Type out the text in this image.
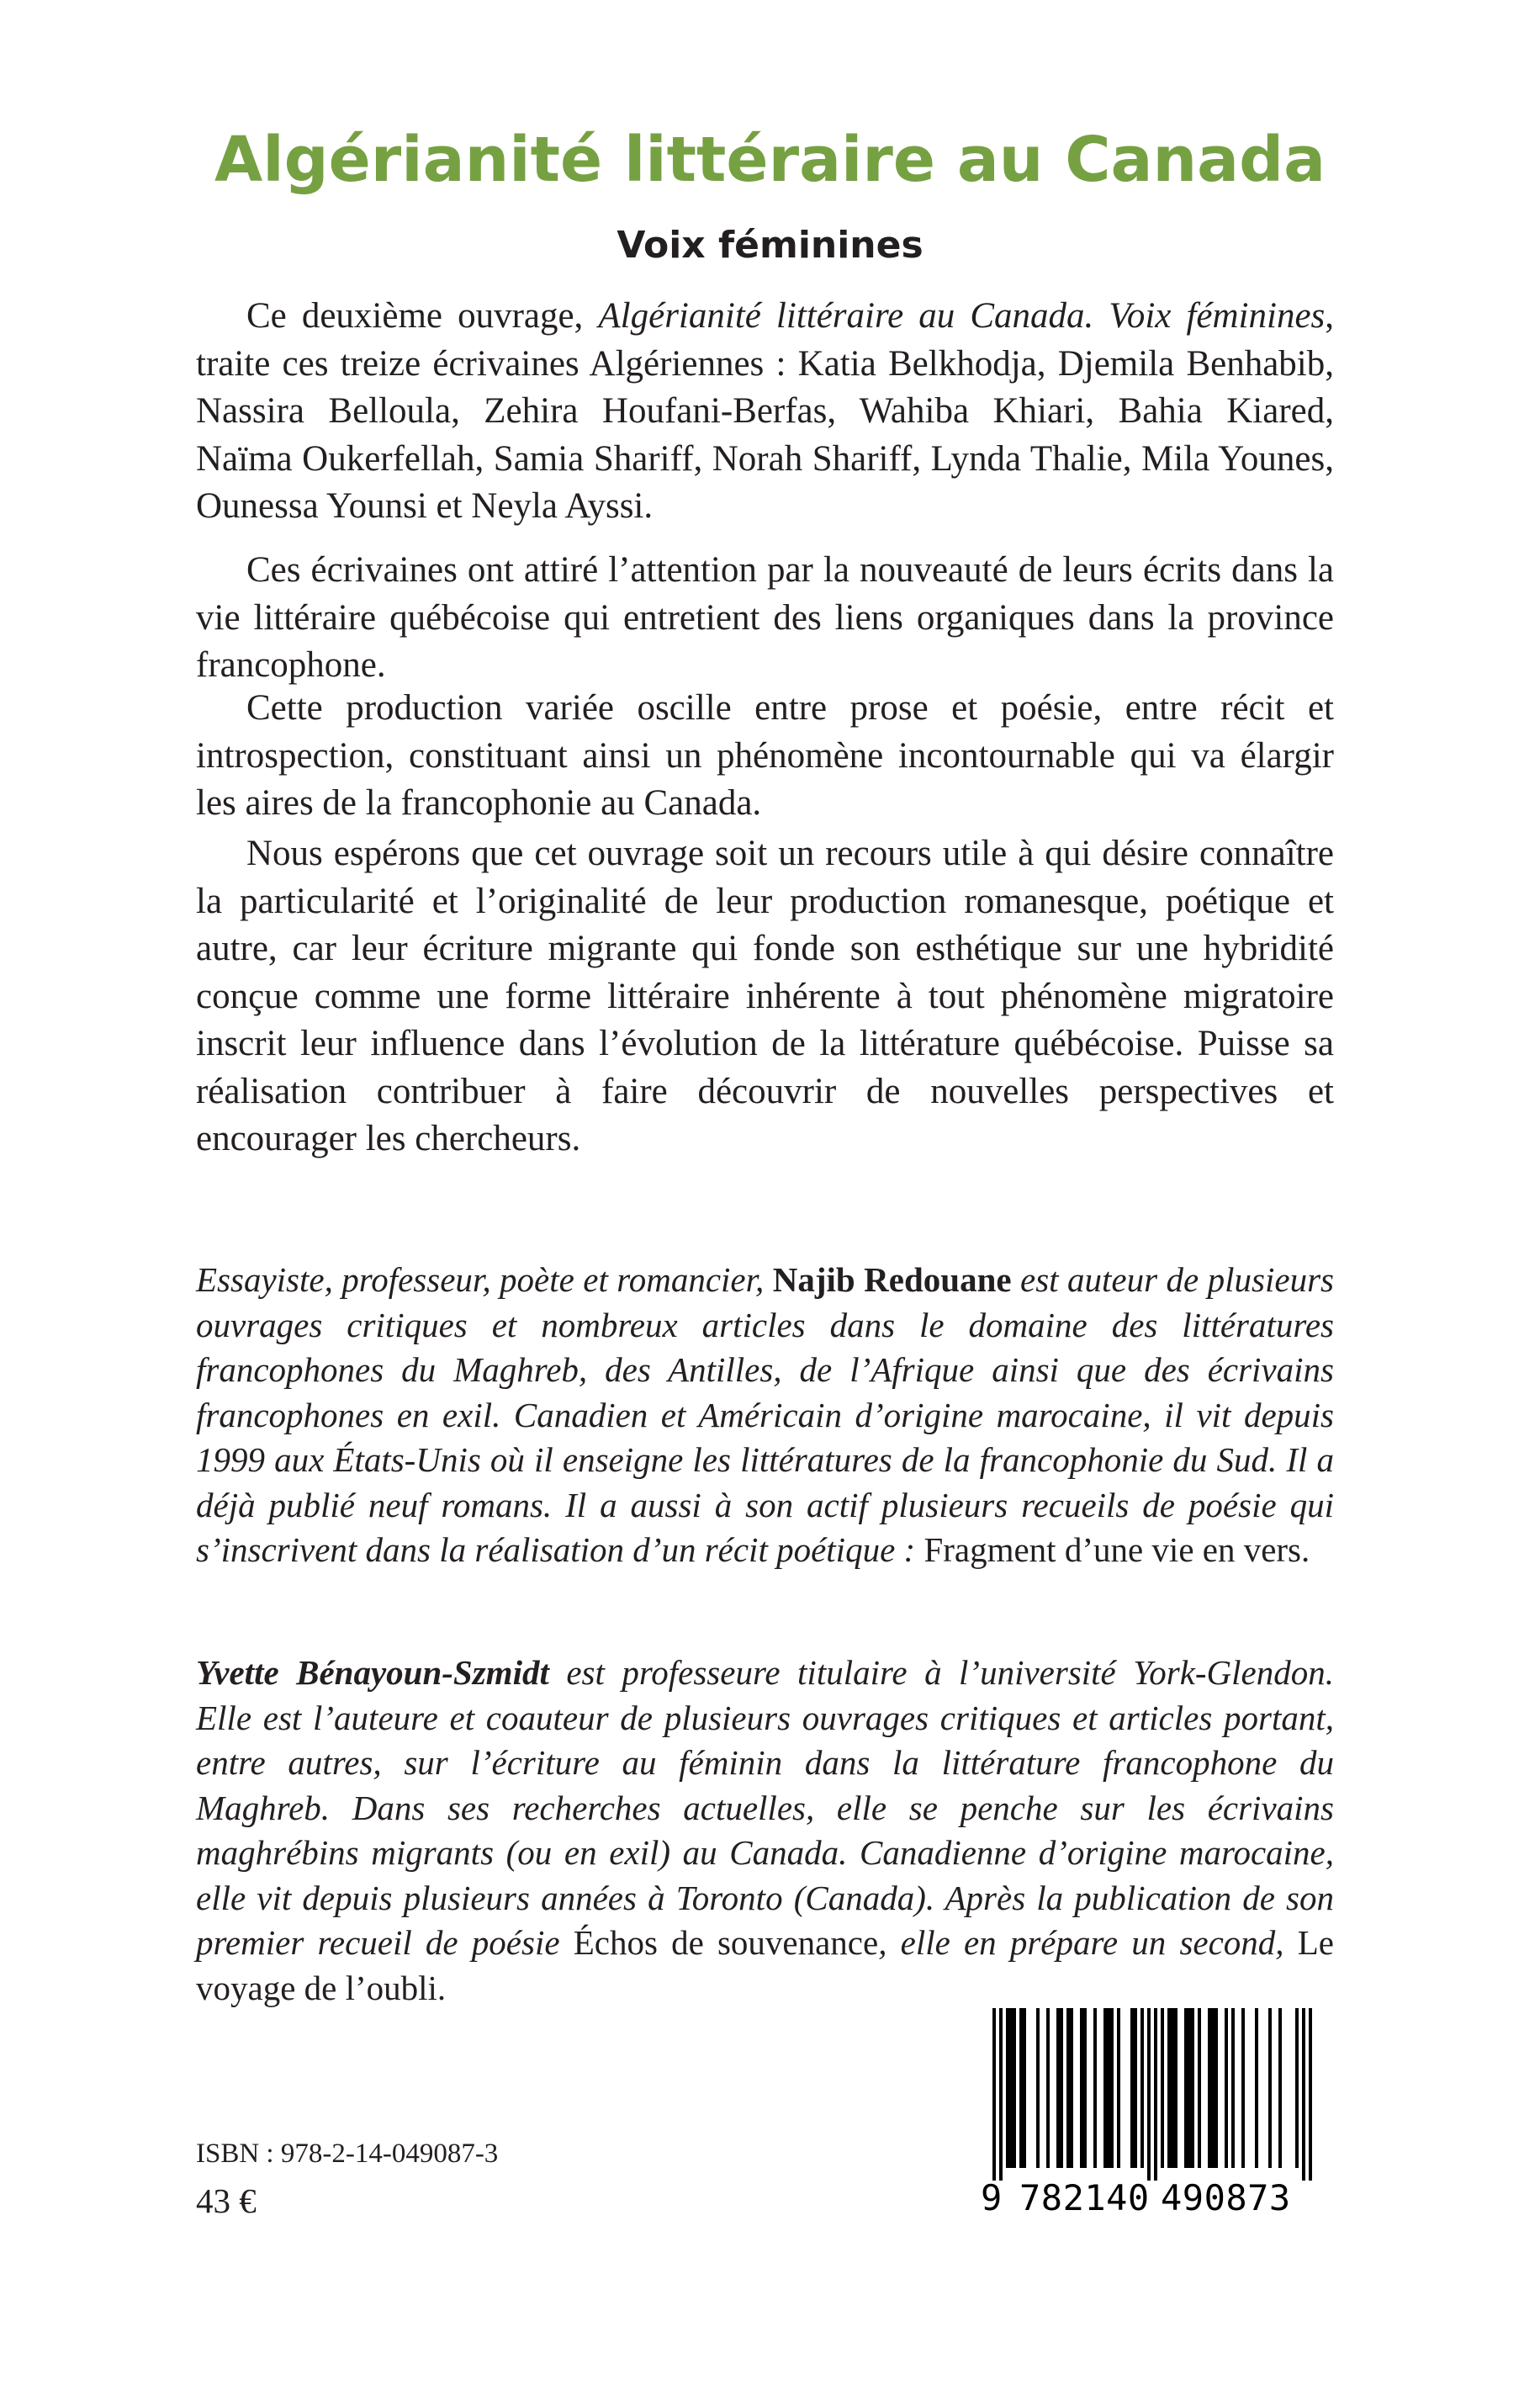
Algérianité littéraire au Canada
Voix féminines

Ce deuxième ouvrage, Algérianité littéraire au Canada. Voix féminines, traite ces treize écrivaines Algériennes : Katia Belkhodja, Djemila Benhabib, Nassira Belloula, Zehira Houfani-Berfas, Wahiba Khiari, Bahia Kiared, Naïma Oukerfellah, Samia Shariff, Norah Shariff, Lynda Thalie, Mila Younes, Ounessa Younsi et Neyla Ayssi.

Ces écrivaines ont attiré l’attention par la nouveauté de leurs écrits dans la vie littéraire québécoise qui entretient des liens organiques dans la province francophone.

Cette production variée oscille entre prose et poésie, entre récit et introspection, constituant ainsi un phénomène incontournable qui va élargir les aires de la francophonie au Canada.

Nous espérons que cet ouvrage soit un recours utile à qui désire connaître la particularité et l’originalité de leur production romanesque, poétique et autre, car leur écriture migrante qui fonde son esthétique sur une hybridité conçue comme une forme littéraire inhérente à tout phénomène migratoire inscrit leur influence dans l’évolution de la littérature québécoise. Puisse sa réalisation contribuer à faire découvrir de nouvelles perspectives et encourager les chercheurs.

Essayiste, professeur, poète et romancier, Najib Redouane est auteur de plusieurs ouvrages critiques et nombreux articles dans le domaine des littératures francophones du Maghreb, des Antilles, de l’Afrique ainsi que des écrivains francophones en exil. Canadien et Américain d’origine marocaine, il vit depuis 1999 aux États-Unis où il enseigne les littératures de la francophonie du Sud. Il a déjà publié neuf romans. Il a aussi à son actif plusieurs recueils de poésie qui s’inscrivent dans la réalisation d’un récit poétique : Fragment d’une vie en vers.

Yvette Bénayoun-Szmidt est professeure titulaire à l’université York-Glendon. Elle est l’auteure et coauteur de plusieurs ouvrages critiques et articles portant, entre autres, sur l’écriture au féminin dans la littérature francophone du Maghreb. Dans ses recherches actuelles, elle se penche sur les écrivains maghrébins migrants (ou en exil) au Canada. Canadienne d’origine marocaine, elle vit depuis plusieurs années à Toronto (Canada). Après la publication de son premier recueil de poésie Échos de souvenance, elle en prépare un second, Le voyage de l’oubli.

ISBN : 978-2-14-049087-3

43 €	9 782140 490873
